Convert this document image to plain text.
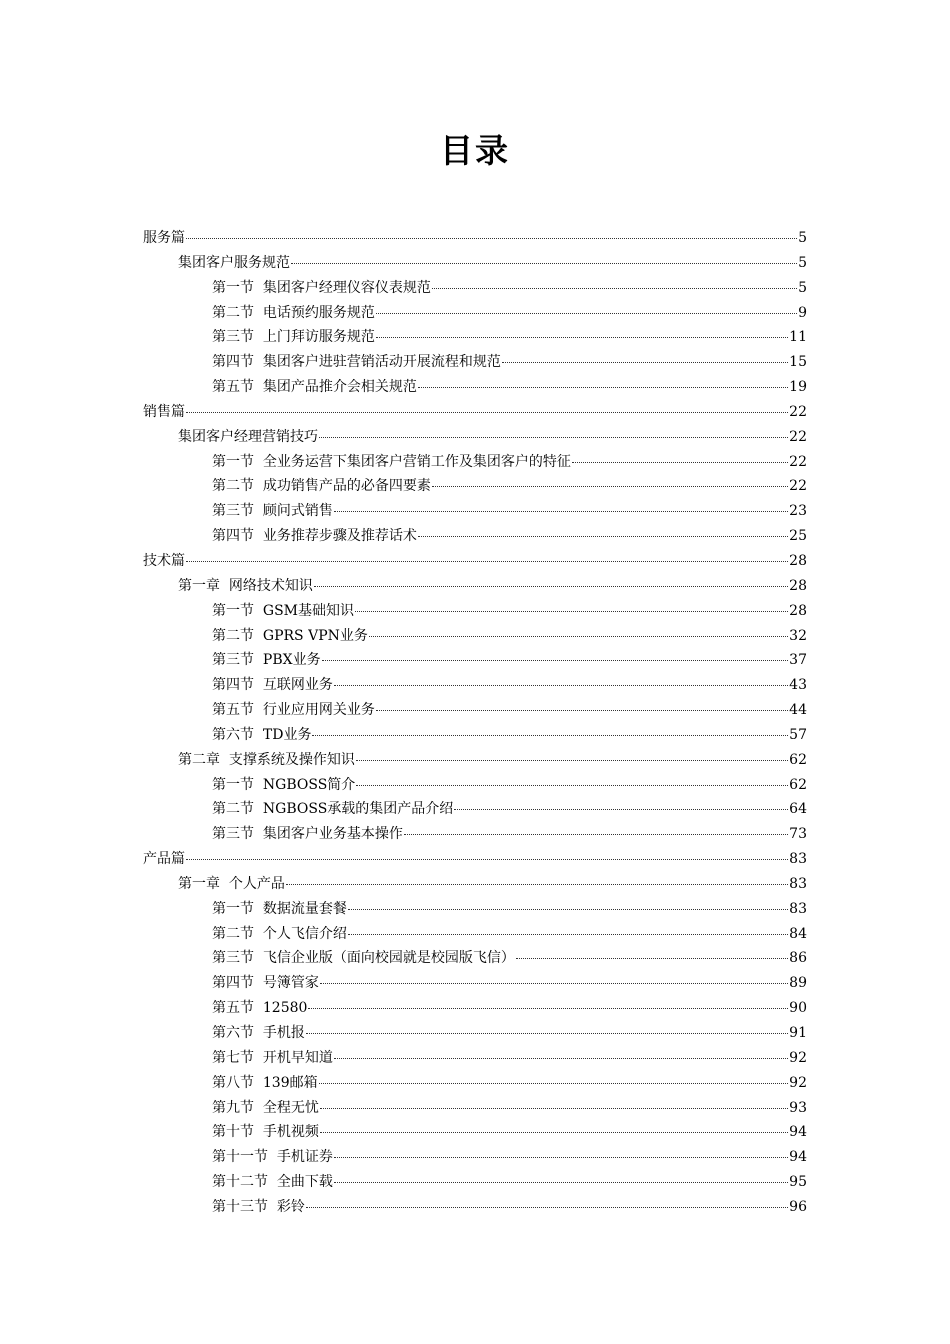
目录
服务篇	5
集团客户服务规范	5
第一节  集团客户经理仪容仪表规范	5
第二节  电话预约服务规范	9
第三节  上门拜访服务规范	11
第四节  集团客户进驻营销活动开展流程和规范	15
第五节  集团产品推介会相关规范	19
销售篇	22
集团客户经理营销技巧	22
第一节  全业务运营下集团客户营销工作及集团客户的特征	22
第二节  成功销售产品的必备四要素	22
第三节  顾问式销售	23
第四节  业务推荐步骤及推荐话术	25
技术篇	28
第一章  网络技术知识	28
第一节  GSM基础知识	28
第二节  GPRS VPN业务	32
第三节  PBX业务	37
第四节  互联网业务	43
第五节  行业应用网关业务	44
第六节  TD业务	57
第二章  支撑系统及操作知识	62
第一节  NGBOSS简介	62
第二节  NGBOSS承载的集团产品介绍	64
第三节  集团客户业务基本操作	73
产品篇	83
第一章  个人产品	83
第一节  数据流量套餐	83
第二节  个人飞信介绍	84
第三节  飞信企业版（面向校园就是校园版飞信）	86
第四节  号簿管家	89
第五节  12580	90
第六节  手机报	91
第七节  开机早知道	92
第八节  139邮箱	92
第九节  全程无忧	93
第十节  手机视频	94
第十一节  手机证券	94
第十二节  全曲下载	95
第十三节  彩铃	96
